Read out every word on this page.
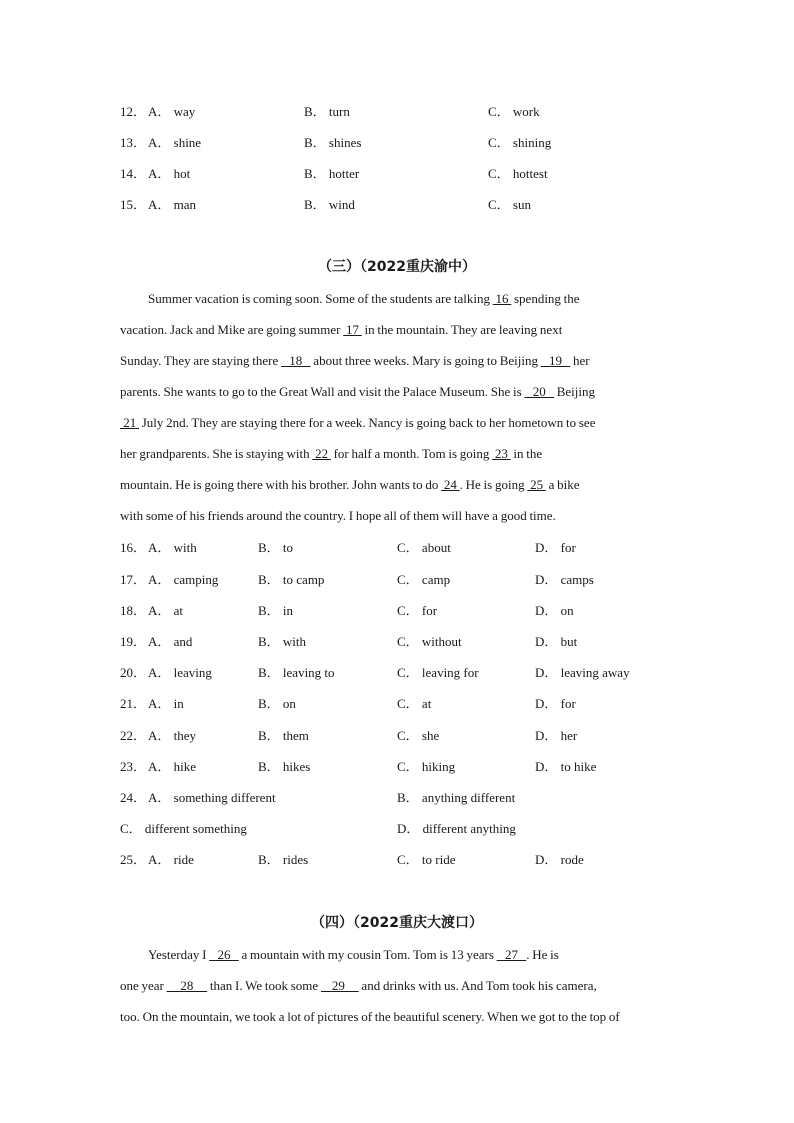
12． A． way	B． turn	C． work
13． A． shine	B． shines	C． shining
14． A． hot	B． hotter	C． hottest
15． A． man	B． wind	C． sun
（三）（2022重庆渝中）
Summer vacation is coming soon. Some of the students are talking  16  spending the
vacation. Jack and Mike are going summer  17  in the mountain. They are leaving next
Sunday. They are staying there    18    about three weeks. Mary is going to Beijing    19    her
parents. She wants to go to the Great Wall and visit the Palace Museum. She is    20    Beijing
21  July 2nd. They are staying there for a week. Nancy is going back to her hometown to see
her grandparents. She is staying with  22  for half a month. Tom is going  23  in the
mountain. He is going there with his brother. John wants to do  24 . He is going  25  a bike
with some of his friends around the country. I hope all of them will have a good time.
16． A． with	B． to	C． about	D． for
17． A． camping	B． to camp	C． camp	D． camps
18． A． at	B． in	C． for	D． on
19． A． and	B． with	C． without	D． but
20． A． leaving	B． leaving to	C． leaving for	D． leaving away
21． A． in	B． on	C． at	D． for
22． A． they	B． them	C． she	D． her
23． A． hike	B． hikes	C． hiking	D． to hike
24． A． something different	B． anything different
C． different something	D． different anything
25． A． ride	B． rides	C． to ride	D． rode
（四）（2022重庆大渡口）
Yesterday I    26    a mountain with my cousin Tom. Tom is 13 years    27   . He is
one year      28      than I. We took some     29      and drinks with us. And Tom took his camera,
too. On the mountain, we took a lot of pictures of the beautiful scenery. When we got to the top of
